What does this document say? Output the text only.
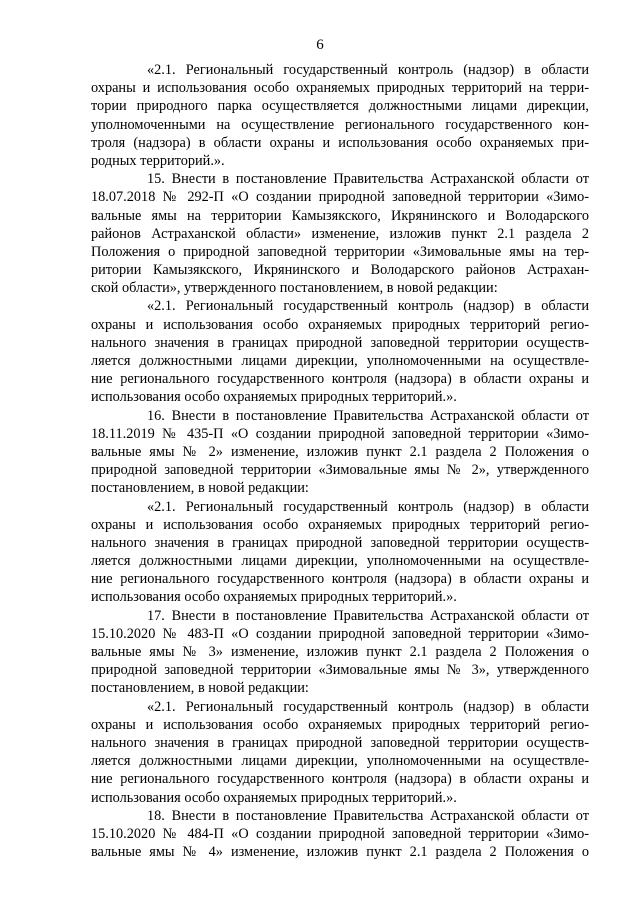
6
«2.1. Региональный государственный контроль (надзор) в области
охраны и использования особо охраняемых природных территорий на терри-
тории природного парка осуществляется должностными лицами дирекции,
уполномоченными на осуществление регионального государственного кон-
троля (надзора) в области охраны и использования особо охраняемых при-
родных территорий.».
15. Внести в постановление Правительства Астраханской области от
18.07.2018 № 292-П «О создании природной заповедной территории «Зимо-
вальные ямы на территории Камызякского, Икрянинского и Володарского
районов Астраханской области» изменение, изложив пункт 2.1 раздела 2
Положения о природной заповедной территории «Зимовальные ямы на тер-
ритории Камызякского, Икрянинского и Володарского районов Астрахан-
ской области», утвержденного постановлением, в новой редакции:
«2.1. Региональный государственный контроль (надзор) в области
охраны и использования особо охраняемых природных территорий регио-
нального значения в границах природной заповедной территории осуществ-
ляется должностными лицами дирекции, уполномоченными на осуществле-
ние регионального государственного контроля (надзора) в области охраны и
использования особо охраняемых природных территорий.».
16. Внести в постановление Правительства Астраханской области от
18.11.2019 № 435-П «О создании природной заповедной территории «Зимо-
вальные ямы № 2» изменение, изложив пункт 2.1 раздела 2 Положения о
природной заповедной территории «Зимовальные ямы № 2», утвержденного
постановлением, в новой редакции:
«2.1. Региональный государственный контроль (надзор) в области
охраны и использования особо охраняемых природных территорий регио-
нального значения в границах природной заповедной территории осуществ-
ляется должностными лицами дирекции, уполномоченными на осуществле-
ние регионального государственного контроля (надзора) в области охраны и
использования особо охраняемых природных территорий.».
17. Внести в постановление Правительства Астраханской области от
15.10.2020 № 483-П «О создании природной заповедной территории «Зимо-
вальные ямы № 3» изменение, изложив пункт 2.1 раздела 2 Положения о
природной заповедной территории «Зимовальные ямы № 3», утвержденного
постановлением, в новой редакции:
«2.1. Региональный государственный контроль (надзор) в области
охраны и использования особо охраняемых природных территорий регио-
нального значения в границах природной заповедной территории осуществ-
ляется должностными лицами дирекции, уполномоченными на осуществле-
ние регионального государственного контроля (надзора) в области охраны и
использования особо охраняемых природных территорий.».
18. Внести в постановление Правительства Астраханской области от
15.10.2020 № 484-П «О создании природной заповедной территории «Зимо-
вальные ямы № 4» изменение, изложив пункт 2.1 раздела 2 Положения о
